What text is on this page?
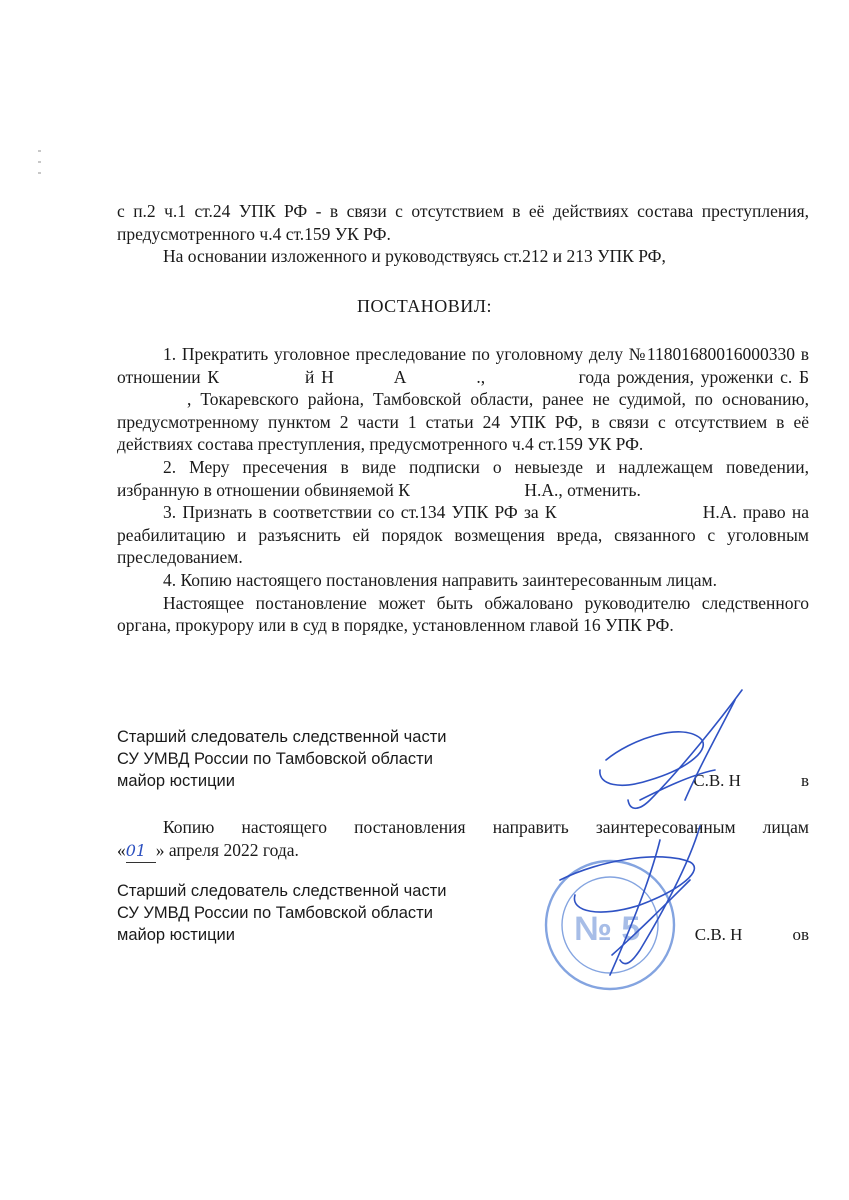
с п.2 ч.1 ст.24 УПК РФ - в связи с отсутствием в её действиях состава преступления, предусмотренного ч.4 ст.159 УК РФ.

На основании изложенного и руководствуясь ст.212 и 213 УПК РФ,

ПОСТАНОВИЛ:

1. Прекратить уголовное преследование по уголовному делу №11801680016000330 в отношении К	й Н	А	.,	года рождения, уроженки с. Б, Токаревского района, Тамбовской области, ранее не судимой, по основанию, предусмотренному пунктом 2 части 1 статьи 24 УПК РФ, в связи с отсутствием в её действиях состава преступления, предусмотренного ч.4 ст.159 УК РФ.

2. Меру пресечения в виде подписки о невыезде и надлежащем поведении, избранную в отношении обвиняемой К	Н.А., отменить.

3. Признать в соответствии со ст.134 УПК РФ за К	Н.А. право на реабилитацию и разъяснить ей порядок возмещения вреда, связанного с уголовным преследованием.

4. Копию настоящего постановления направить заинтересованным лицам.

Настоящее постановление может быть обжаловано руководителю следственного органа, прокурору или в суд в порядке, установленном главой 16 УПК РФ.

Старший следователь следственной части
СУ УМВД России по Тамбовской области
майор юстиции	С.В. Н	в

Копию настоящего постановления направить заинтересованным лицам

«01 » апреля 2022 года.

Старший следователь следственной части
СУ УМВД России по Тамбовской области
майор юстиции	С.В. Н	ов
№ 5
